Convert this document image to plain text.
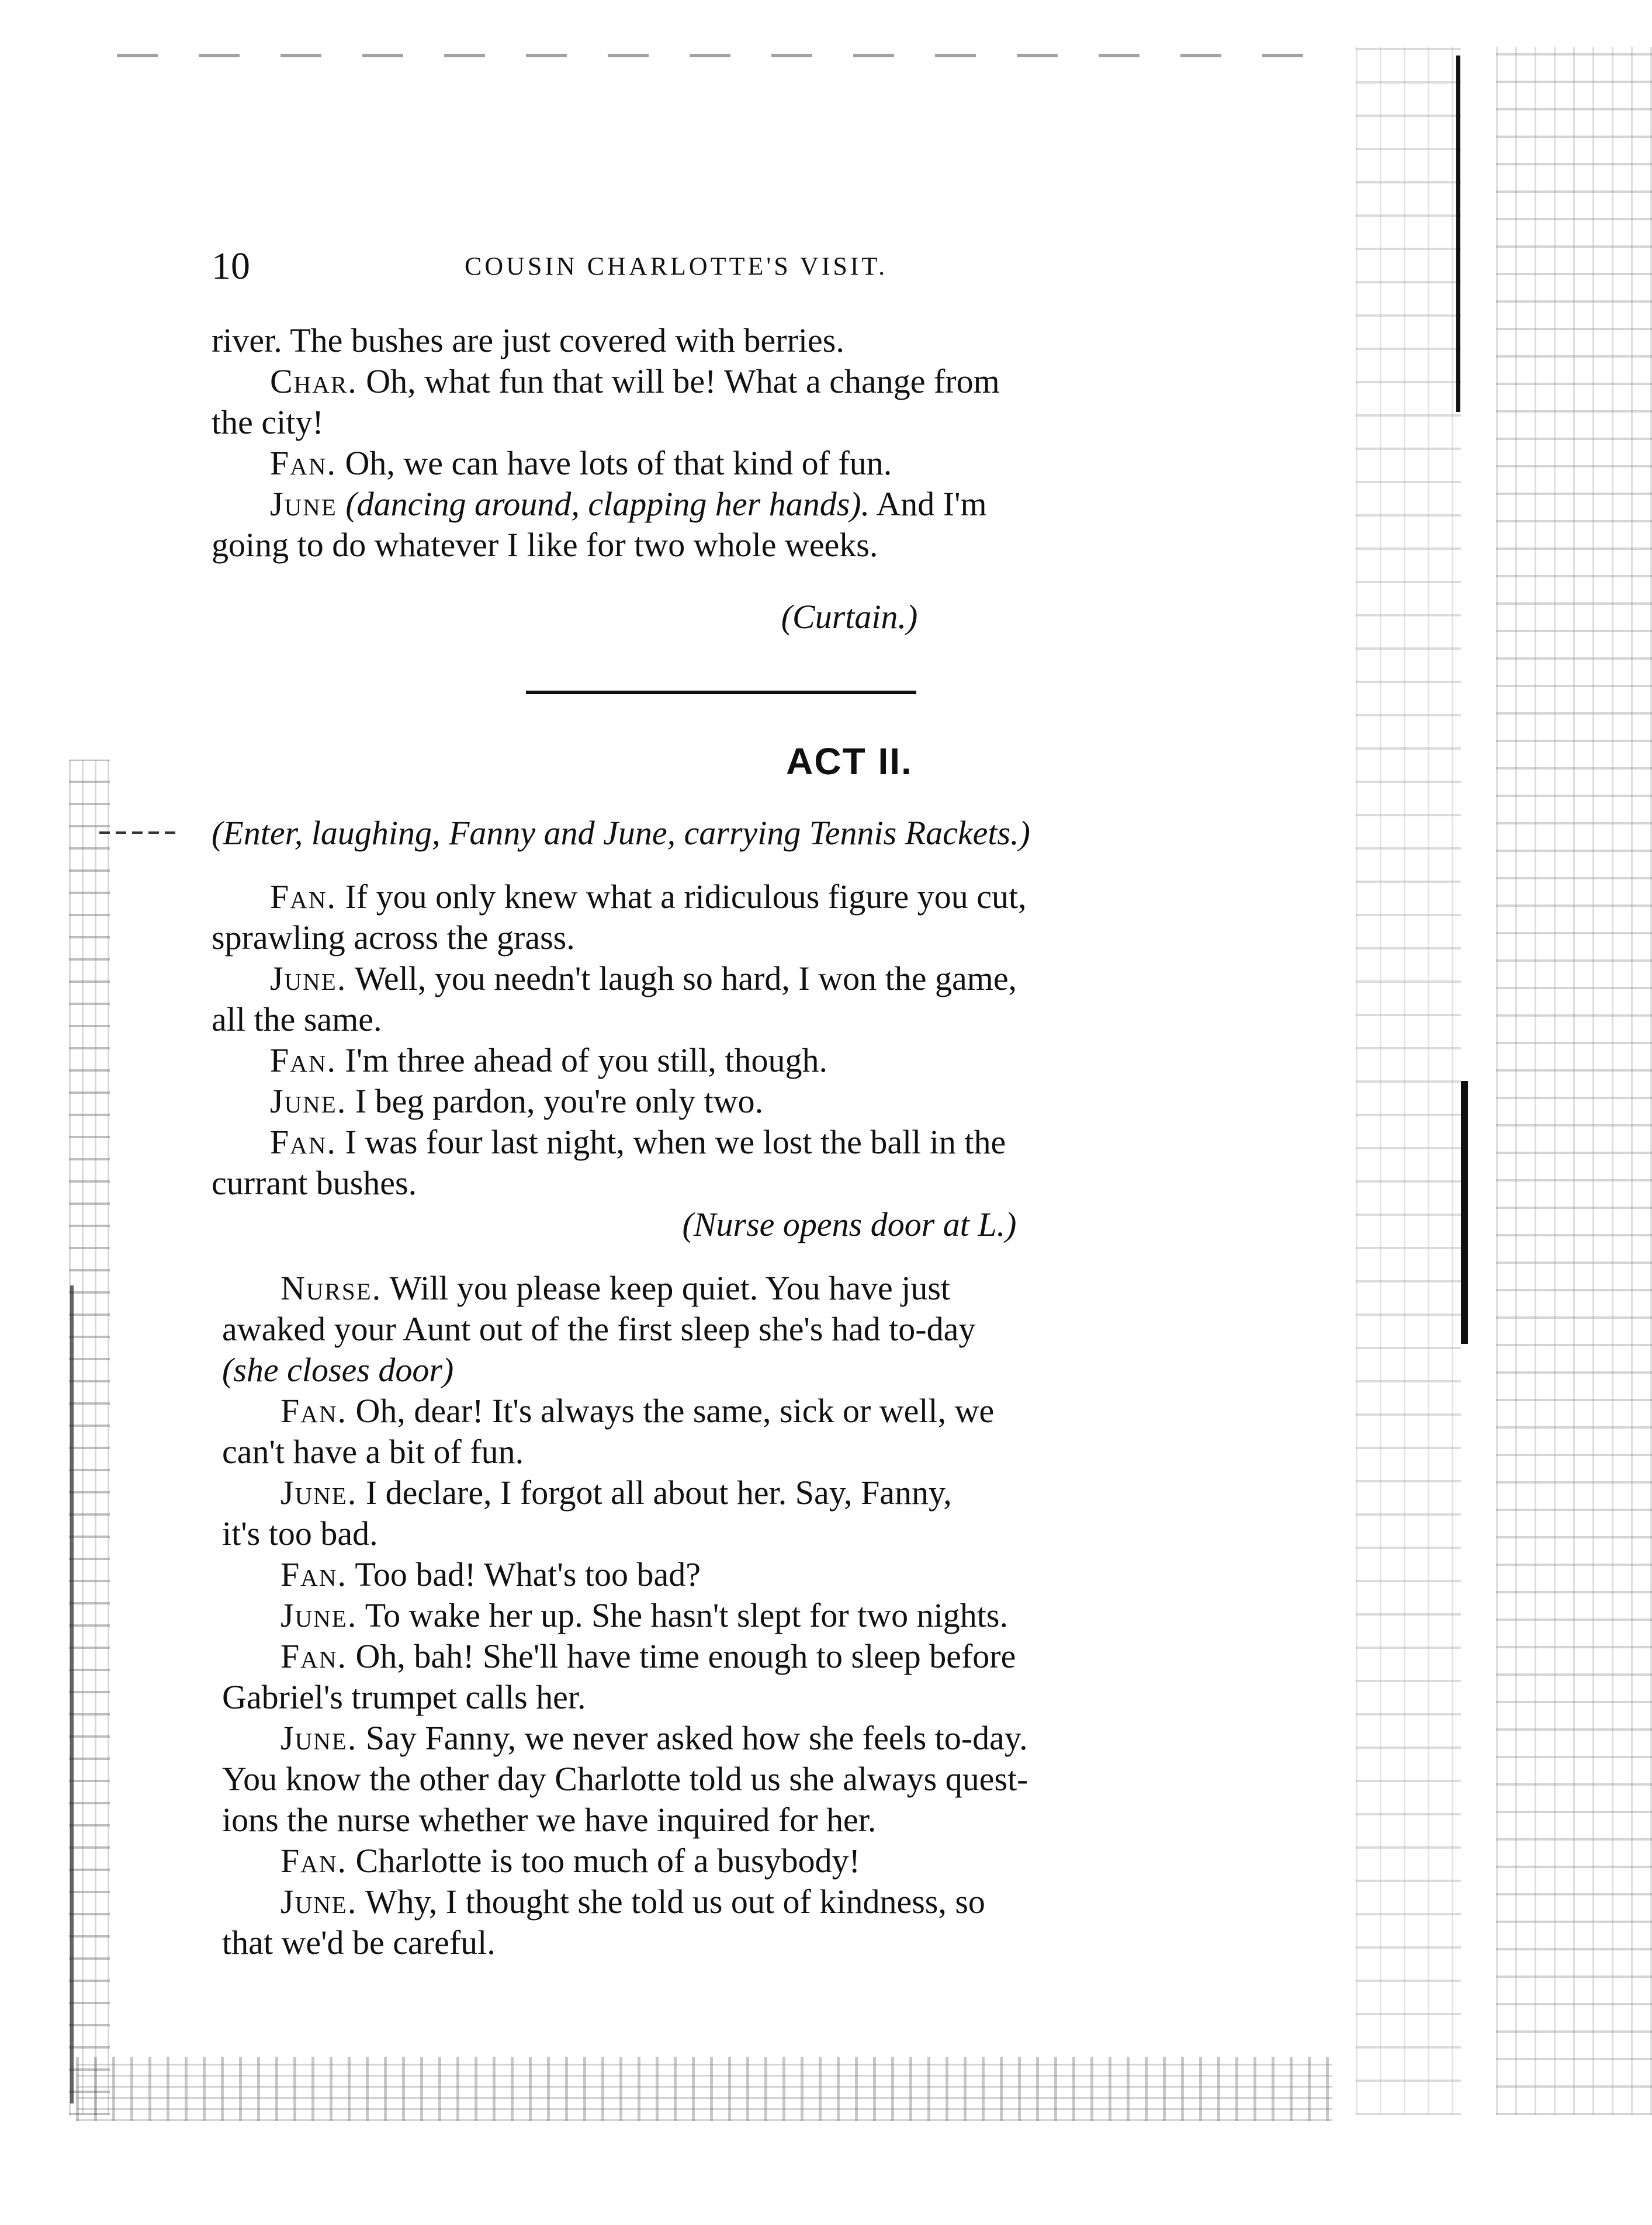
10	COUSIN CHARLOTTE'S VISIT.
river. The bushes are just covered with berries.
Char. Oh, what fun that will be! What a change from
the city!
Fan. Oh, we can have lots of that kind of fun.
June (dancing around, clapping her hands). And I'm
going to do whatever I like for two whole weeks.
(Curtain.)
ACT II.
(Enter, laughing, Fanny and June, carrying Tennis Rackets.)
Fan. If you only knew what a ridiculous figure you cut,
sprawling across the grass.
June. Well, you needn't laugh so hard, I won the game,
all the same.
Fan. I'm three ahead of you still, though.
June. I beg pardon, you're only two.
Fan. I was four last night, when we lost the ball in the
currant bushes.
(Nurse opens door at L.)
Nurse. Will you please keep quiet. You have just
awaked your Aunt out of the first sleep she's had to-day
(she closes door)
Fan. Oh, dear! It's always the same, sick or well, we
can't have a bit of fun.
June. I declare, I forgot all about her. Say, Fanny,
it's too bad.
Fan. Too bad! What's too bad?
June. To wake her up. She hasn't slept for two nights.
Fan. Oh, bah! She'll have time enough to sleep before
Gabriel's trumpet calls her.
June. Say Fanny, we never asked how she feels to-day.
You know the other day Charlotte told us she always quest-
ions the nurse whether we have inquired for her.
Fan. Charlotte is too much of a busybody!
June. Why, I thought she told us out of kindness, so
that we'd be careful.
